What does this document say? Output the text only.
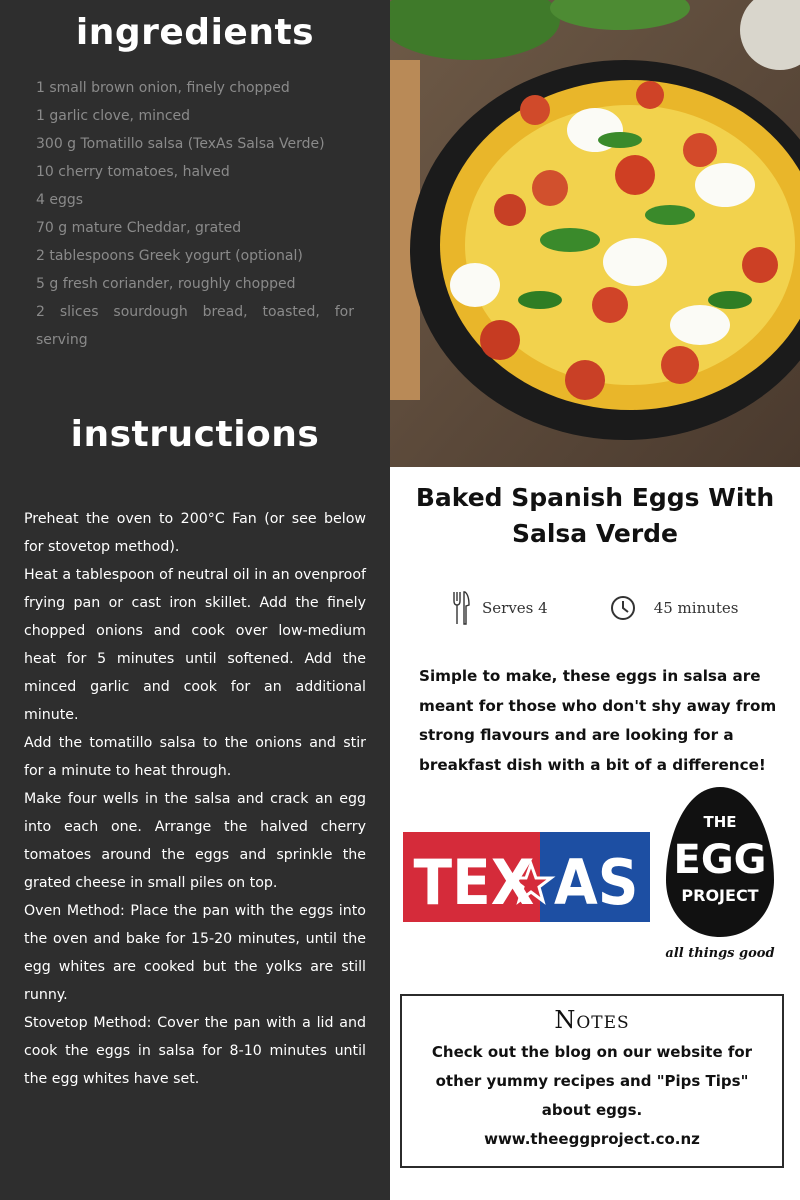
ingredients
1 small brown onion, finely chopped
1 garlic clove, minced
300 g Tomatillo salsa (TexAs Salsa Verde)
10 cherry tomatoes, halved
4 eggs
70 g mature Cheddar, grated
2 tablespoons Greek yogurt (optional)
5 g fresh coriander, roughly chopped
2 slices sourdough bread, toasted, for serving
instructions
Preheat the oven to 200°C Fan (or see below for stovetop method).
Heat a tablespoon of neutral oil in an ovenproof frying pan or cast iron skillet. Add the finely chopped onions and cook over low-medium heat for 5 minutes until softened. Add the minced garlic and cook for an additional minute.
Add the tomatillo salsa to the onions and stir for a minute to heat through.
Make four wells in the salsa and crack an egg into each one. Arrange the halved cherry tomatoes around the eggs and sprinkle the grated cheese in small piles on top.
Oven Method: Place the pan with the eggs into the oven and bake for 15-20 minutes, until the egg whites are cooked but the yolks are still runny.
Stovetop Method: Cover the pan with a lid and cook the eggs in salsa for 8-10 minutes until the egg whites have set.
Baked Spanish Eggs With Salsa Verde
Serves 4	45 minutes

Simple to make, these eggs in salsa are meant for those who don't shy away from strong flavours and are looking for a breakfast dish with a bit of a difference!

TEX AS
THE
EGG
PROJECT
all things good
Notes
Check out the blog on our website for other yummy recipes and "Pips Tips" about eggs.
www.theeggproject.co.nz
